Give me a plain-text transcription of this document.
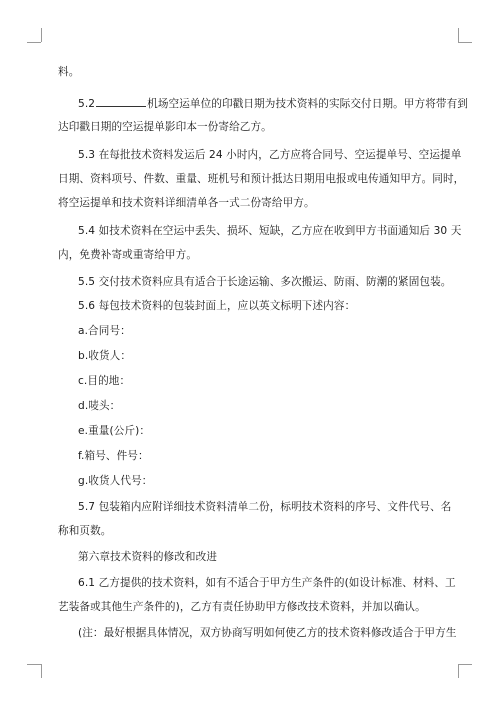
料。
5.2	机场空运单位的印戳日期为技术资料的实际交付日期。甲方将带有到
达印戳日期的空运提单影印本一份寄给乙方。
5.3 在每批技术资料发运后 24 小时内，乙方应将合同号、空运提单号、空运提单
日期、资料项号、件数、重量、班机号和预计抵达日期用电报或电传通知甲方。同时，
将空运提单和技术资料详细清单各一式二份寄给甲方。
5.4 如技术资料在空运中丢失、损坏、短缺，乙方应在收到甲方书面通知后 30 天
内，免费补寄或重寄给甲方。
5.5 交付技术资料应具有适合于长途运输、多次搬运、防雨、防潮的紧固包装。
5.6 每包技术资料的包装封面上，应以英文标明下述内容：
a.合同号：
b.收货人：
c.目的地：
d.唛头：
e.重量(公斤)：
f.箱号、件号：
g.收货人代号：
5.7 包装箱内应附详细技术资料清单二份，标明技术资料的序号、文件代号、名
称和页数。
第六章技术资料的修改和改进
6.1 乙方提供的技术资料，如有不适合于甲方生产条件的(如设计标准、材料、工
艺装备或其他生产条件的)，乙方有责任协助甲方修改技术资料，并加以确认。
(注：最好根据具体情况，双方协商写明如何使乙方的技术资料修改适合于甲方生
